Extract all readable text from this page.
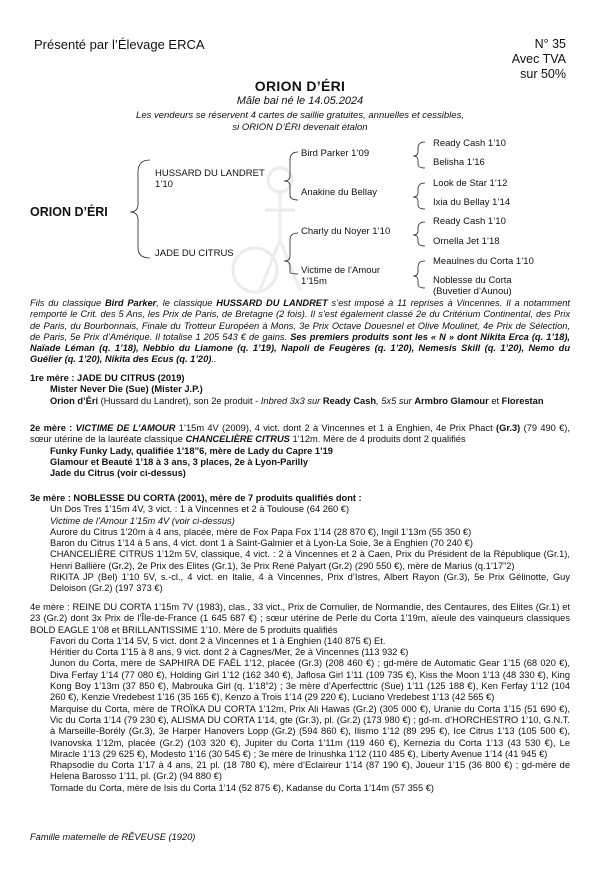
Présenté par l’Élevage ERCA	N° 35
Avec TVA
sur 50%
ORION D’ÉRI
Mâle bai né le 14.05.2024
Les vendeurs se réservent 4 cartes de saillie gratuites, annuelles et cessibles,
si ORION D’ÉRI devenait étalon
ORION D’ÉRI
HUSSARD DU LANDRET
1’10
JADE DU CITRUS
Bird Parker 1’09
Anakine du Bellay
Charly du Noyer 1’10
Victime de l’Amour
1’15m
Ready Cash 1’10
Belisha 1’16
Look de Star 1’12
Ixia du Bellay 1’14
Ready Cash 1’10
Ornella Jet 1’18
Meaulnes du Corta 1’10
Noblesse du Corta
(Buvetier d’Aunou)

Fils du classique Bird Parker, le classique HUSSARD DU LANDRET s’est imposé à 11 reprises à Vincennes. Il a notamment remporté le Crit. des 5 Ans, les Prix de Paris, de Bretagne (2 fois). Il s’est également classé 2e du Critérium Continental, des Prix de Paris, du Bourbonnais, Finale du Trotteur Européen à Mons, 3e Prix Octave Douesnel et Olive Moulinet, 4e Prix de Sélection, de Paris, 5e Prix d’Amérique. Il totalise 1 205 543 € de gains. Ses premiers produits sont les « N » dont Nikita Erca (q. 1’18), Naïade Léman (q. 1’18), Nebbio du Liamone (q. 1’19), Napoli de Feugères (q. 1’20), Nemesis Skill (q. 1’20), Nemo du Guélier (q. 1’20), Nikita des Ecus (q. 1’20)..

1re mère : JADE DU CITRUS (2019)
Mister Never Die (Sue) (Mister J.P.)
Orion d’Éri (Hussard du Landret), son 2e produit - Inbred 3x3 sur Ready Cash, 5x5 sur Armbro Glamour et Florestan
2e mère : VICTIME DE L’AMOUR 1’15m 4V (2009), 4 vict. dont 2 à Vincennes et 1 à Enghien, 4e Prix Phact (Gr.3) (79 490 €), sœur utérine de la lauréate classique CHANCELIÈRE CITRUS 1’12m. Mère de 4 produits dont 2 qualifiés
Funky Funky Lady, qualifiée 1’18”6, mère de Lady du Capre 1’19
Glamour et Beauté 1’18 à 3 ans, 3 places, 2e à Lyon-Parilly
Jade du Citrus (voir ci-dessus)
3e mère : NOBLESSE DU CORTA (2001), mère de 7 produits qualifiés dont :
Un Dos Tres 1’15m 4V, 3 vict. : 1 à Vincennes et 2 à Toulouse (64 260 €)
Victime de l’Amour 1’15m 4V (voir ci-dessus)
Aurore du Citrus 1’20m à 4 ans, placée, mère de Fox Papa Fox 1’14 (28 870 €), Ingil 1’13m (55 350 €)
Baron du Citrus 1’14 à 5 ans, 4 vict. dont 1 à Saint-Galmier et à Lyon-La Soie, 3e à Enghien (70 240 €)
CHANCELIÈRE CITRUS 1’12m 5V, classique, 4 vict. : 2 à Vincennes et 2 à Caen, Prix du Président de la République (Gr.1), Henri Ballière (Gr.2), 2e Prix des Elites (Gr.1), 3e Prix René Palyart (Gr.2) (290 550 €), mère de Marius (q.1’17”2)
RIKITA JP (Bel) 1’10 5V, s.-cl., 4 vict. en Italie, 4 à Vincennes, Prix d’Istres, Albert Rayon (Gr.3), 5e Prix Gélinotte, Guy Deloison (Gr.2) (197 373 €)
4e mère : REINE DU CORTA 1’15m 7V (1983), clas., 33 vict., Prix de Cornulier, de Normandie, des Centaures, des Elites (Gr.1) et 23 (Gr.2) dont 3x Prix de l’Île-de-France (1 645 687 €) ; sœur utérine de Perle du Corta 1’19m, aïeule des vainqueurs classiques BOLD EAGLE 1’08 et BRILLANTISSIME 1’10. Mère de 5 produits qualifiés
Favori du Corta 1’14 5V, 5 vict. dont 2 à Vincennes et 1 à Enghien (140 875 €) Et.
Héritier du Corta 1’15 à 8 ans, 9 vict. dont 2 à Cagnes/Mer, 2e à Vincennes (113 932 €)
Junon du Corta, mère de SAPHIRA DE FAËL 1’12, placée (Gr.3) (208 460 €) ; gd-mère de Automatic Gear 1’15 (68 020 €), Diva Ferfay 1’14 (77 080 €), Holding Girl 1’12 (162 340 €), Jaflosa Girl 1’11 (109 735 €), Kiss the Moon 1’13 (48 330 €), King Kong Boy 1’13m (37 850 €), Mabrouka Girl (q. 1’18”2) ; 3e mère d’Aperfecttric (Sue) 1’11 (125 188 €), Ken Ferfay 1’12 (104 260 €), Kenzie Vredebest 1’16 (35 165 €), Kenzo à Trois 1’14 (29 220 €), Luciano Vredebest 1’13 (42 565 €)
Marquise du Corta, mère de TROÏKA DU CORTA 1’12m, Prix Ali Hawas (Gr.2) (305 000 €), Uranie du Corta 1’15 (51 690 €), Vic du Corta 1’14 (79 230 €), ALISMA DU CORTA 1’14, gte (Gr.3), pl. (Gr.2) (173 980 €) ; gd-m. d’HORCHESTRO 1’10, G.N.T. à Marseille-Borély (Gr.3), 3e Harper Hanovers Lopp (Gr.2) (594 860 €), Ilismo 1’12 (89 295 €), Ice Citrus 1’13 (105 500 €), Ivanovska 1’12m, placée (Gr.2) (103 320 €), Jupiter du Corta 1’11m (119 460 €), Kernezia du Corta 1’13 (43 530 €), Le Miracle 1’13 (29 625 €), Modesto 1’16 (30 545 €) ; 3e mère de Irinushka 1’12 (110 485 €), Liberty Avenue 1’14 (41 945 €)
Rhapsodie du Corta 1’17 à 4 ans, 21 pl. (18 780 €), mère d’Eclaireur 1’14 (87 190 €), Joueur 1’15 (36 800 €) ; gd-mère de Helena Barosso 1’11, pl. (Gr.2) (94 880 €)
Tornade du Corta, mère de Isis du Corta 1’14 (52 875 €), Kadanse du Corta 1’14m (57 355 €)
Famille maternelle de RÊVEUSE (1920)
